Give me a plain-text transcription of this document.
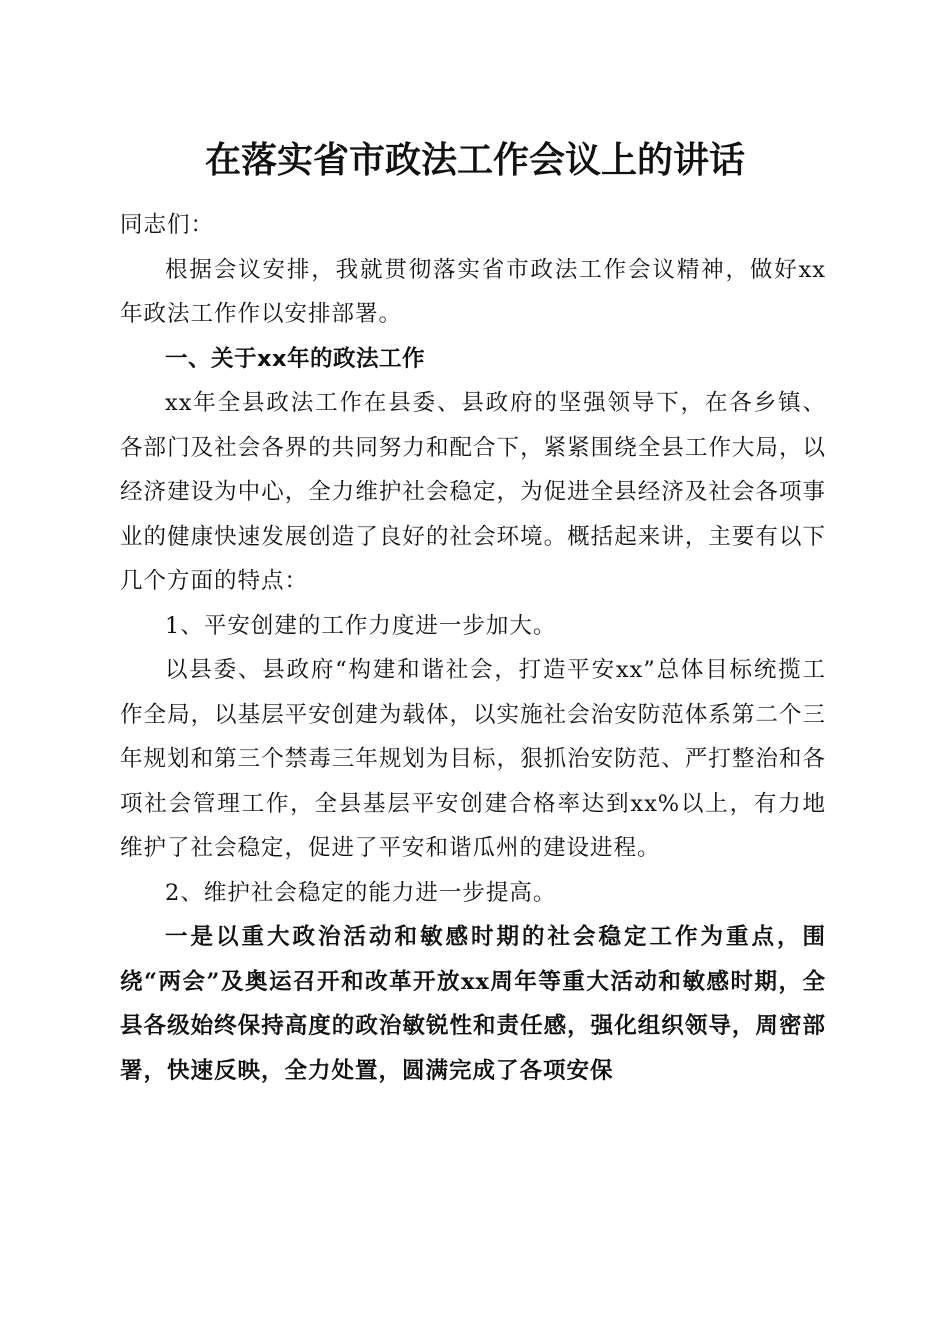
在落实省市政法工作会议上的讲话

同志们：

根据会议安排，我就贯彻落实省市政法工作会议精神，做好xx年政法工作作以安排部署。

一、关于xx年的政法工作

xx年全县政法工作在县委、县政府的坚强领导下，在各乡镇、各部门及社会各界的共同努力和配合下，紧紧围绕全县工作大局，以经济建设为中心，全力维护社会稳定，为促进全县经济及社会各项事业的健康快速发展创造了良好的社会环境。概括起来讲，主要有以下几个方面的特点：

1、平安创建的工作力度进一步加大。

以县委、县政府“构建和谐社会，打造平安xx”总体目标统揽工作全局，以基层平安创建为载体，以实施社会治安防范体系第二个三年规划和第三个禁毒三年规划为目标，狠抓治安防范、严打整治和各项社会管理工作，全县基层平安创建合格率达到xx%以上，有力地维护了社会稳定，促进了平安和谐瓜州的建设进程。

2、维护社会稳定的能力进一步提高。

一是以重大政治活动和敏感时期的社会稳定工作为重点，围绕“两会”及奥运召开和改革开放xx周年等重大活动和敏感时期，全县各级始终保持高度的政治敏锐性和责任感，强化组织领导，周密部署，快速反映，全力处置，圆满完成了各项安保
